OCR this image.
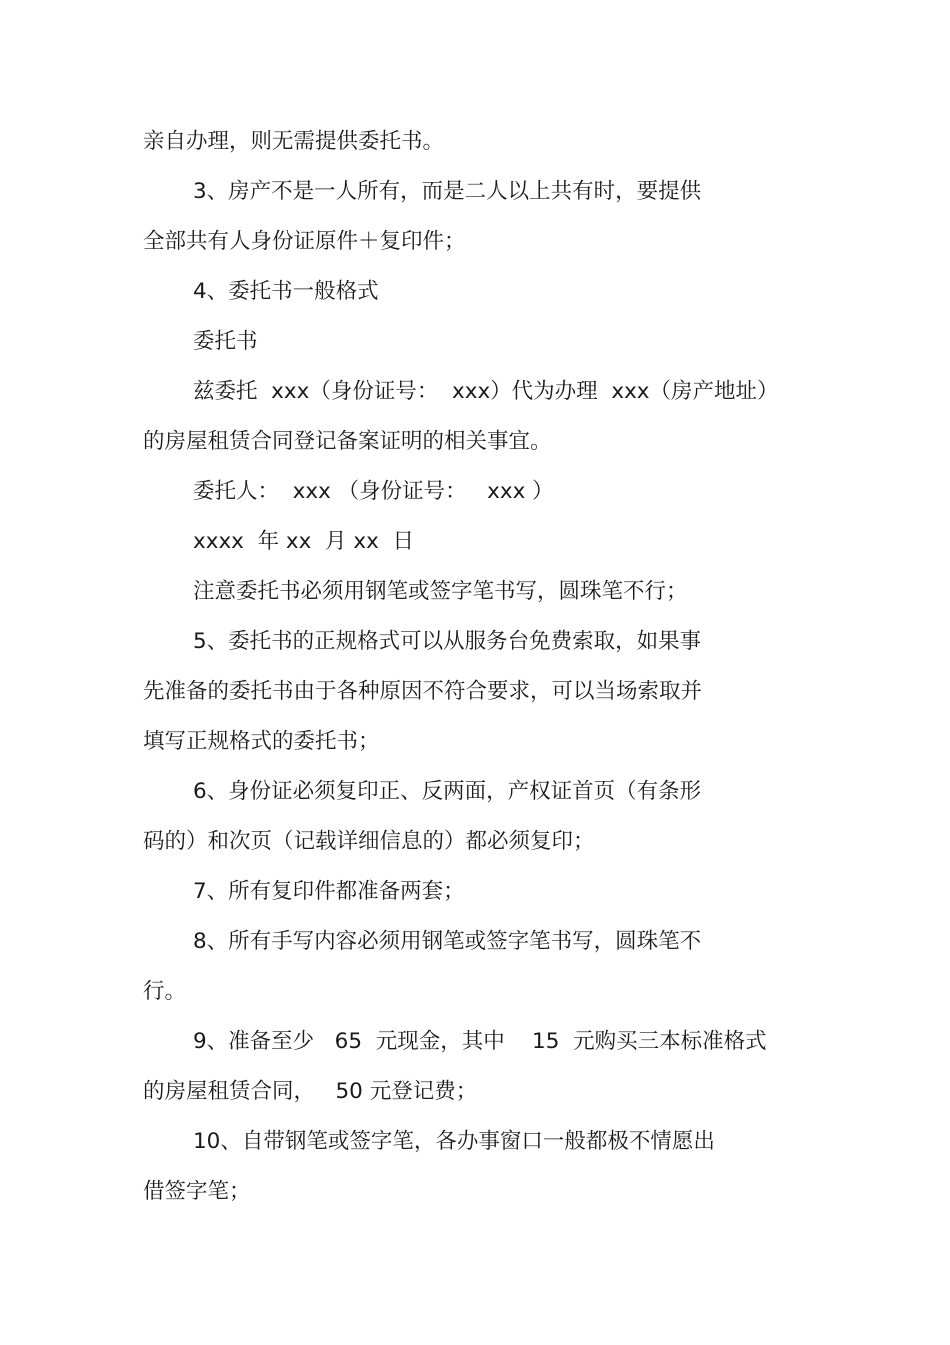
亲自办理，则无需提供委托书。
3、房产不是一人所有，而是二人以上共有时，要提供
全部共有人身份证原件＋复印件；
4、委托书一般格式
委托书
兹委托  xxx（身份证号：  xxx）代为办理  xxx（房产地址）
的房屋租赁合同登记备案证明的相关事宜。
委托人：  xxx （身份证号：   xxx ）
xxxx  年 xx  月 xx  日
注意委托书必须用钢笔或签字笔书写，圆珠笔不行；
5、委托书的正规格式可以从服务台免费索取，如果事
先准备的委托书由于各种原因不符合要求，可以当场索取并
填写正规格式的委托书；
6、身份证必须复印正、反两面，产权证首页（有条形
码的）和次页（记载详细信息的）都必须复印；
7、所有复印件都准备两套；
8、所有手写内容必须用钢笔或签字笔书写，圆珠笔不
行。
9、准备至少   65  元现金，其中    15  元购买三本标准格式
的房屋租赁合同，   50 元登记费；
10、自带钢笔或签字笔，各办事窗口一般都极不情愿出
借签字笔；
